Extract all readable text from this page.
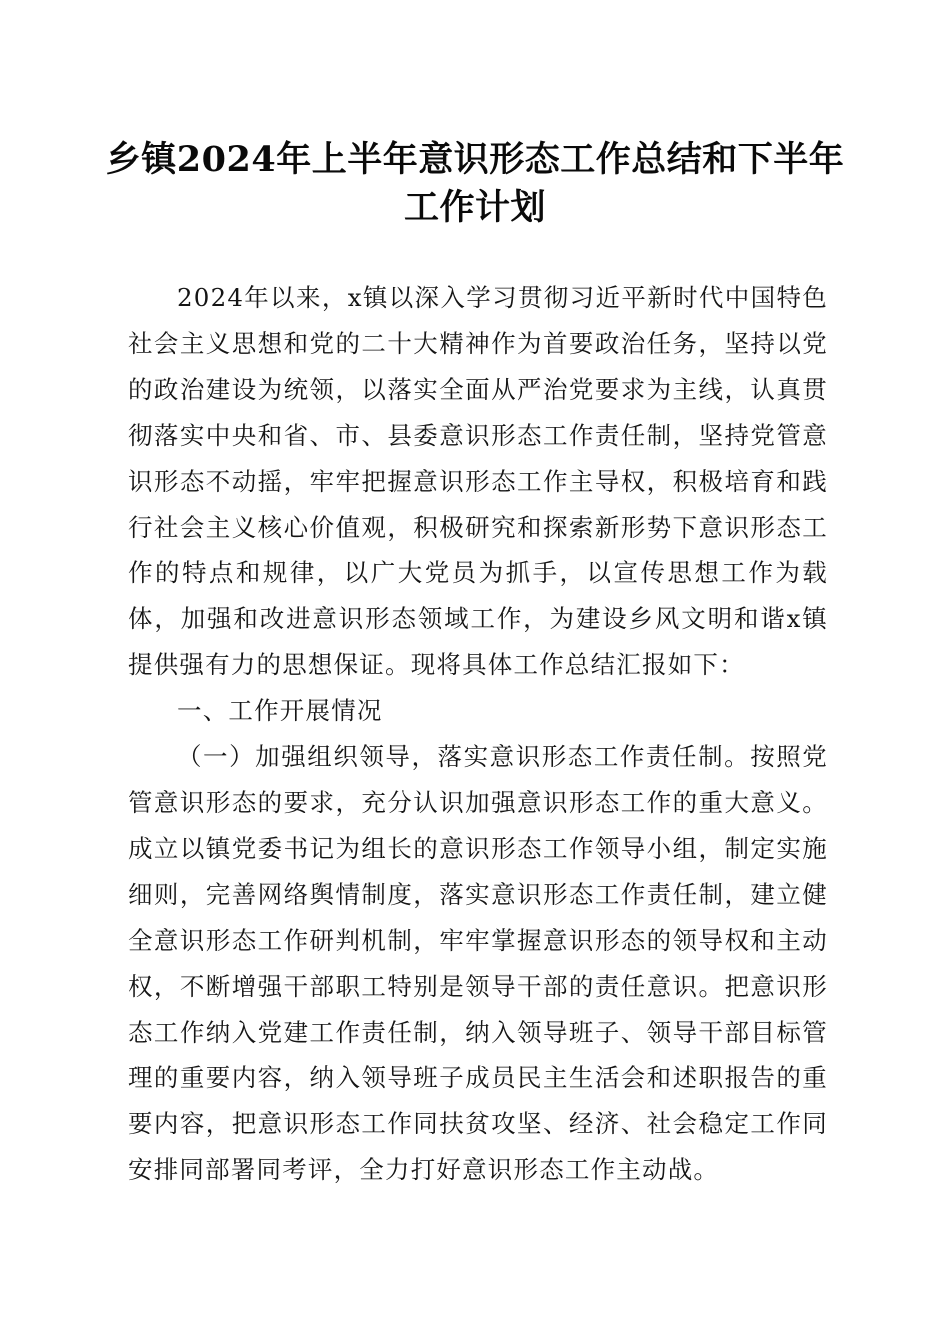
乡镇2024年上半年意识形态工作总结和下半年工作计划

2024年以来，x镇以深入学习贯彻习近平新时代中国特色社会主义思想和党的二十大精神作为首要政治任务，坚持以党的政治建设为统领，以落实全面从严治党要求为主线，认真贯彻落实中央和省、市、县委意识形态工作责任制，坚持党管意识形态不动摇，牢牢把握意识形态工作主导权，积极培育和践行社会主义核心价值观，积极研究和探索新形势下意识形态工作的特点和规律，以广大党员为抓手，以宣传思想工作为载体，加强和改进意识形态领域工作，为建设乡风文明和谐x镇提供强有力的思想保证。现将具体工作总结汇报如下：

一、工作开展情况

（一）加强组织领导，落实意识形态工作责任制。按照党管意识形态的要求，充分认识加强意识形态工作的重大意义。成立以镇党委书记为组长的意识形态工作领导小组，制定实施细则，完善网络舆情制度，落实意识形态工作责任制，建立健全意识形态工作研判机制，牢牢掌握意识形态的领导权和主动权，不断增强干部职工特别是领导干部的责任意识。把意识形态工作纳入党建工作责任制，纳入领导班子、领导干部目标管理的重要内容，纳入领导班子成员民主生活会和述职报告的重要内容，把意识形态工作同扶贫攻坚、经济、社会稳定工作同安排同部署同考评，全力打好意识形态工作主动战。
